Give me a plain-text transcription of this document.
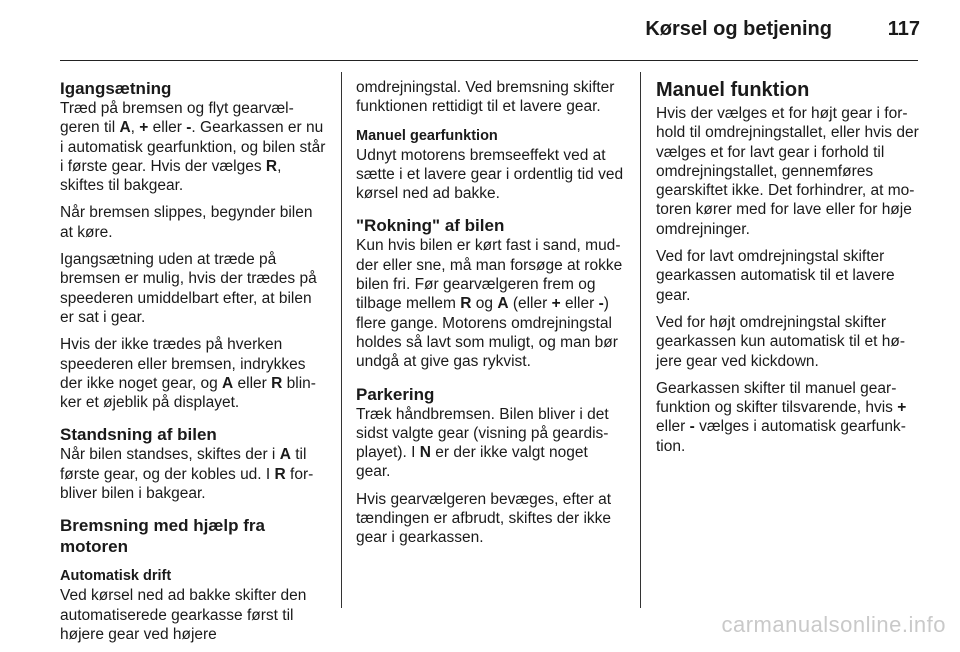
Kørsel og betjening	117
Igangsætning

Træd på bremsen og flyt gearvælgeren til A, + eller -. Gearkassen er nu i automatisk gearfunktion, og bilen står i første gear. Hvis der vælges R, skiftes til bakgear.

Når bremsen slippes, begynder bilen at køre.

Igangsætning uden at træde på bremsen er mulig, hvis der trædes på speederen umiddelbart efter, at bilen er sat i gear.

Hvis der ikke trædes på hverken speederen eller bremsen, indrykkes der ikke noget gear, og A eller R blinker et øjeblik på displayet.

Standsning af bilen

Når bilen standses, skiftes der i A til første gear, og der kobles ud. I R forbliver bilen i bakgear.

Bremsning med hjælp fra motoren
Automatisk drift

Ved kørsel ned ad bakke skifter den automatiserede gearkasse først til højere gear ved højere

omdrejningstal. Ved bremsning skifter funktionen rettidigt til et lavere gear.

Manuel gearfunktion

Udnyt motorens bremseeffekt ved at sætte i et lavere gear i ordentlig tid ved kørsel ned ad bakke.

"Rokning" af bilen

Kun hvis bilen er kørt fast i sand, mudder eller sne, må man forsøge at rokke bilen fri. Før gearvælgeren frem og tilbage mellem R og A (eller + eller -) flere gange. Motorens omdrejningstal holdes så lavt som muligt, og man bør undgå at give gas rykvist.

Parkering

Træk håndbremsen. Bilen bliver i det sidst valgte gear (visning på geardisplayet). I N er der ikke valgt noget gear.

Hvis gearvælgeren bevæges, efter at tændingen er afbrudt, skiftes der ikke gear i gearkassen.

Manuel funktion

Hvis der vælges et for højt gear i forhold til omdrejningstallet, eller hvis der vælges et for lavt gear i forhold til omdrejningstallet, gennemføres gearskiftet ikke. Det forhindrer, at motoren kører med for lave eller for høje omdrejninger.

Ved for lavt omdrejningstal skifter gearkassen automatisk til et lavere gear.

Ved for højt omdrejningstal skifter gearkassen kun automatisk til et højere gear ved kickdown.

Gearkassen skifter til manuel gearfunktion og skifter tilsvarende, hvis + eller - vælges i automatisk gearfunktion.

carmanualsonline.info
